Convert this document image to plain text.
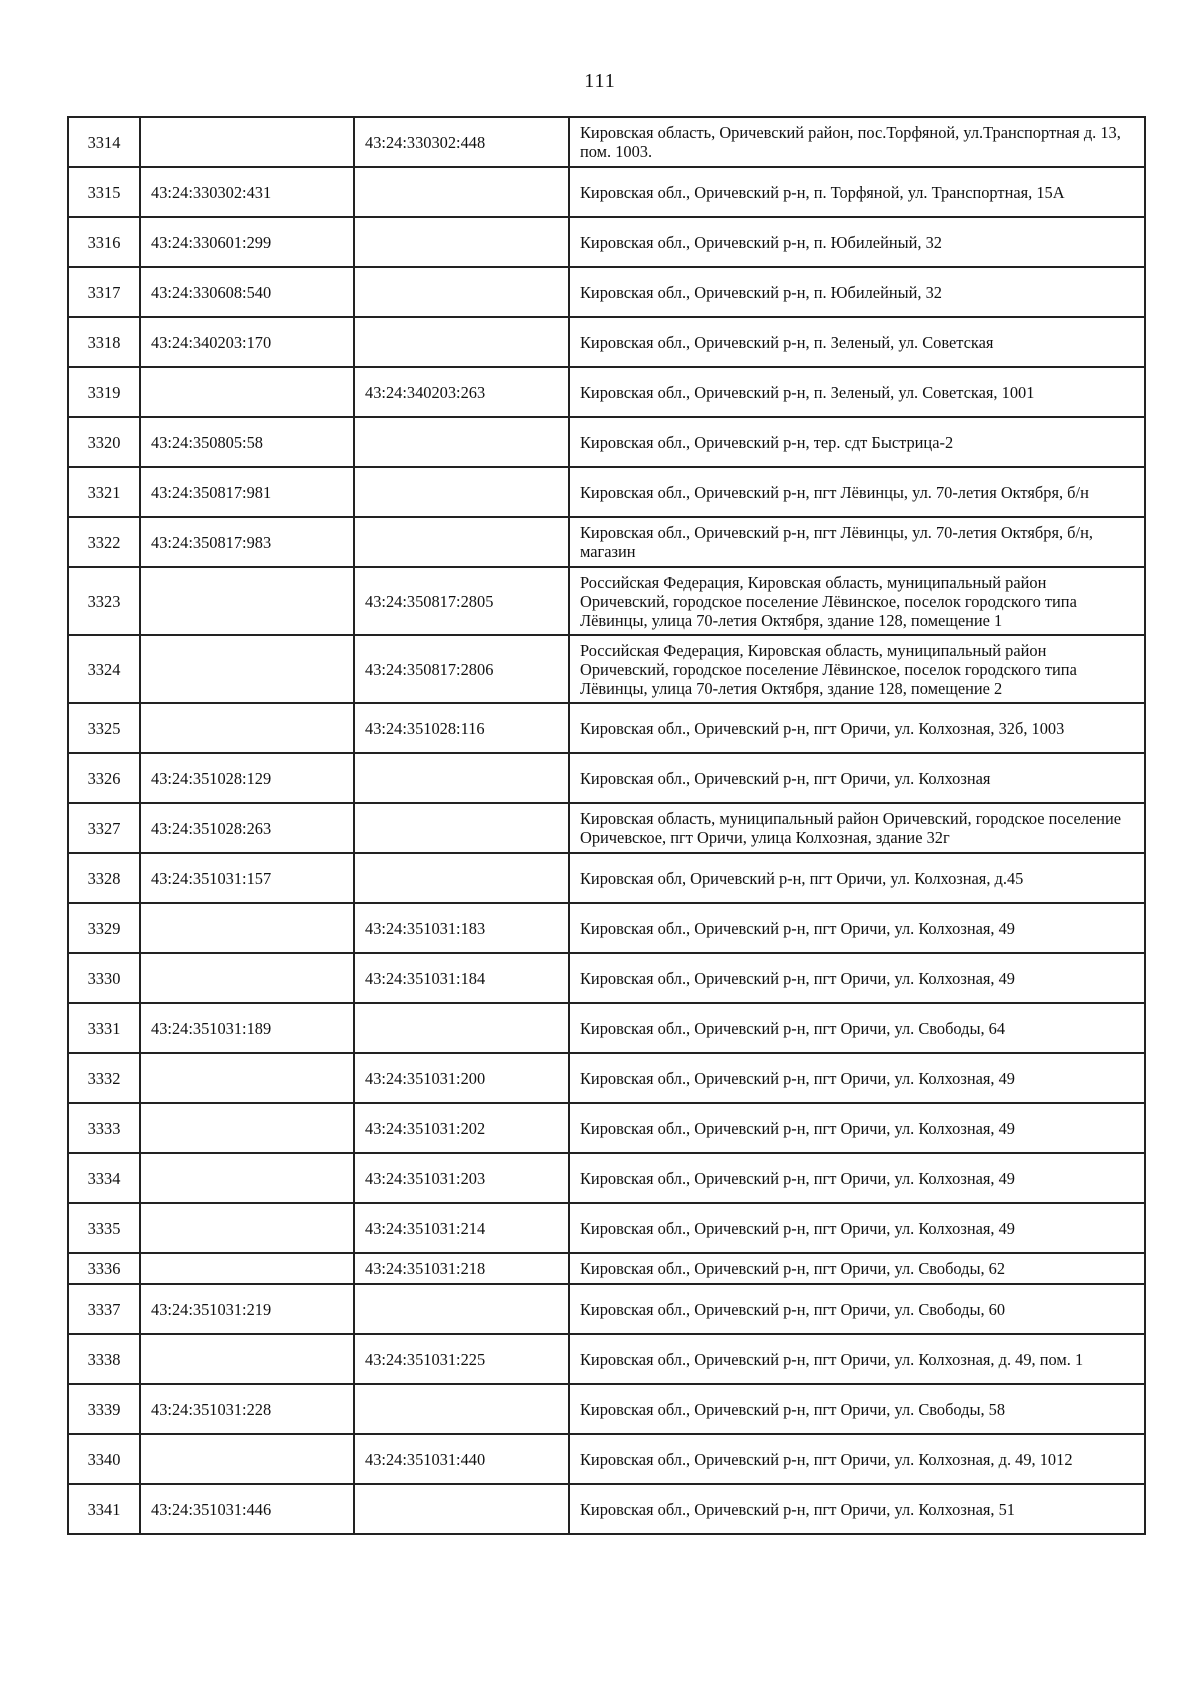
111
3314		43:24:330302:448	Кировская область, Оричевский район, пос.Торфяной, ул.Транспортная д. 13, пом. 1003.
3315	43:24:330302:431		Кировская обл., Оричевский р-н, п. Торфяной, ул. Транспортная, 15А
3316	43:24:330601:299		Кировская обл., Оричевский р-н, п. Юбилейный, 32
3317	43:24:330608:540		Кировская обл., Оричевский р-н, п. Юбилейный, 32
3318	43:24:340203:170		Кировская обл., Оричевский р-н, п. Зеленый, ул. Советская
3319		43:24:340203:263	Кировская обл., Оричевский р-н, п. Зеленый, ул. Советская, 1001
3320	43:24:350805:58		Кировская обл., Оричевский р-н, тер. сдт Быстрица-2
3321	43:24:350817:981		Кировская обл., Оричевский р-н, пгт Лёвинцы, ул. 70-летия Октября, б/н
3322	43:24:350817:983		Кировская обл., Оричевский р-н, пгт Лёвинцы, ул. 70-летия Октября, б/н, магазин
3323		43:24:350817:2805	Российская Федерация, Кировская область, муниципальный район Оричевский, городское поселение Лёвинское, поселок городского типа Лёвинцы, улица 70-летия Октября, здание 128, помещение 1
3324		43:24:350817:2806	Российская Федерация, Кировская область, муниципальный район Оричевский, городское поселение Лёвинское, поселок городского типа Лёвинцы, улица 70-летия Октября, здание 128, помещение 2
3325		43:24:351028:116	Кировская обл., Оричевский р-н, пгт Оричи, ул. Колхозная, 32б, 1003
3326	43:24:351028:129		Кировская обл., Оричевский р-н, пгт Оричи, ул. Колхозная
3327	43:24:351028:263		Кировская область, муниципальный район Оричевский, городское поселение Оричевское, пгт Оричи, улица Колхозная, здание 32г
3328	43:24:351031:157		Кировская обл, Оричевский р-н, пгт Оричи, ул. Колхозная, д.45
3329		43:24:351031:183	Кировская обл., Оричевский р-н, пгт Оричи, ул. Колхозная, 49
3330		43:24:351031:184	Кировская обл., Оричевский р-н, пгт Оричи, ул. Колхозная, 49
3331	43:24:351031:189		Кировская обл., Оричевский р-н, пгт Оричи, ул. Свободы, 64
3332		43:24:351031:200	Кировская обл., Оричевский р-н, пгт Оричи, ул. Колхозная, 49
3333		43:24:351031:202	Кировская обл., Оричевский р-н, пгт Оричи, ул. Колхозная, 49
3334		43:24:351031:203	Кировская обл., Оричевский р-н, пгт Оричи, ул. Колхозная, 49
3335		43:24:351031:214	Кировская обл., Оричевский р-н, пгт Оричи, ул. Колхозная, 49
3336		43:24:351031:218	Кировская обл., Оричевский р-н, пгт Оричи, ул. Свободы, 62
3337	43:24:351031:219		Кировская обл., Оричевский р-н, пгт Оричи, ул. Свободы, 60
3338		43:24:351031:225	Кировская обл., Оричевский р-н, пгт Оричи, ул. Колхозная, д. 49, пом. 1
3339	43:24:351031:228		Кировская обл., Оричевский р-н, пгт Оричи, ул. Свободы, 58
3340		43:24:351031:440	Кировская обл., Оричевский р-н, пгт Оричи, ул. Колхозная, д. 49, 1012
3341	43:24:351031:446		Кировская обл., Оричевский р-н, пгт Оричи, ул. Колхозная, 51
